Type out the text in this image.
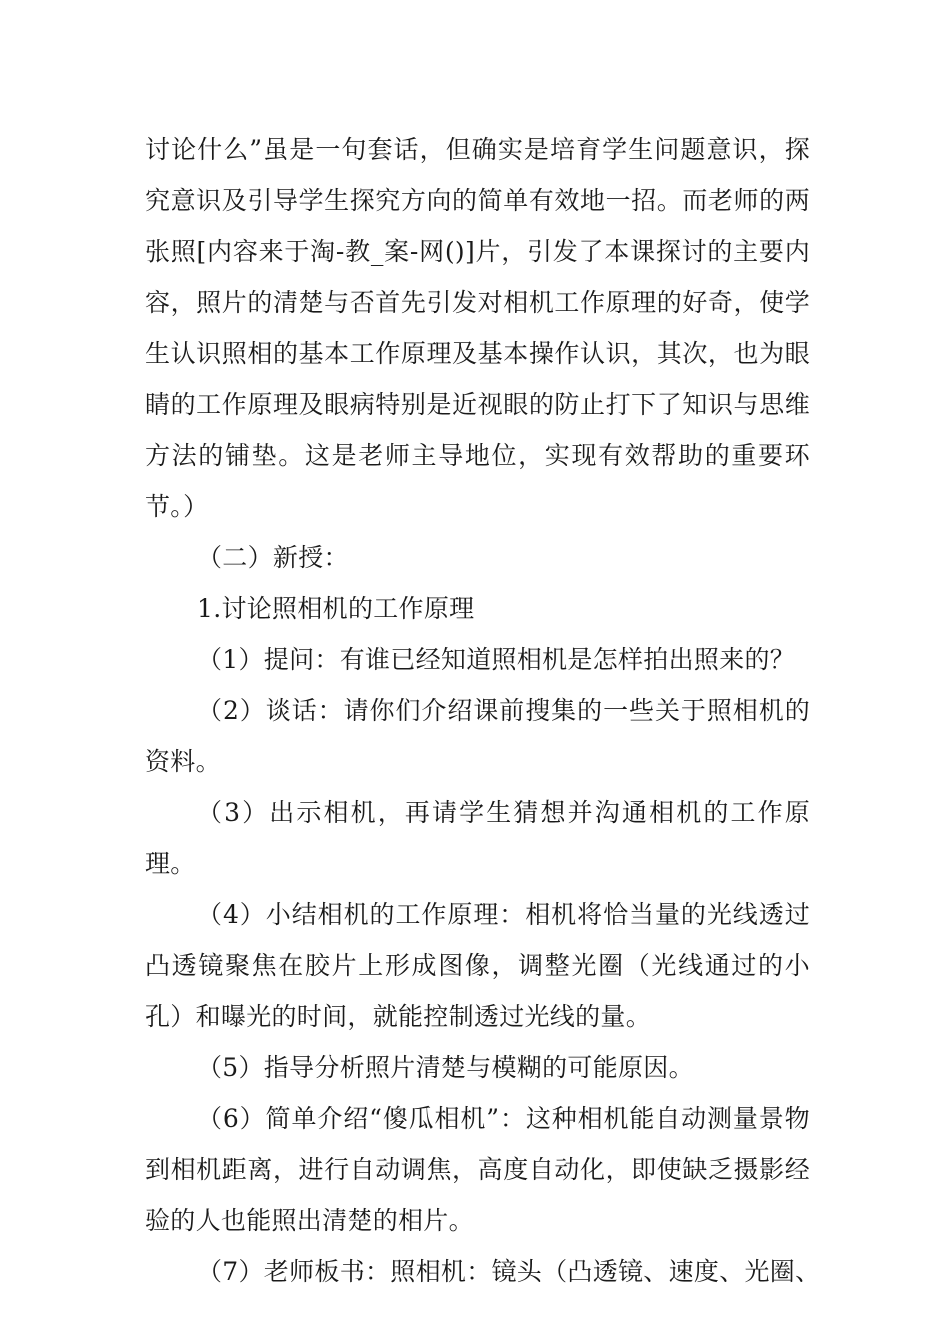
讨论什么”虽是一句套话，但确实是培育学生问题意识，探究意识及引导学生探究方向的简单有效地一招。而老师的两张照[内容来于淘-教_案-网()]片，引发了本课探讨的主要内容，照片的清楚与否首先引发对相机工作原理的好奇，使学生认识照相的基本工作原理及基本操作认识，其次，也为眼睛的工作原理及眼病特别是近视眼的防止打下了知识与思维方法的铺垫。这是老师主导地位，实现有效帮助的重要环节。）

（二）新授：

1.讨论照相机的工作原理

（1）提问：有谁已经知道照相机是怎样拍出照来的？

（2）谈话：请你们介绍课前搜集的一些关于照相机的资料。

（3）出示相机，再请学生猜想并沟通相机的工作原理。

（4）小结相机的工作原理：相机将恰当量的光线透过凸透镜聚焦在胶片上形成图像，调整光圈（光线通过的小孔）和曝光的时间，就能控制透过光线的量。

（5）指导分析照片清楚与模糊的可能原因。

（6）简单介绍“傻瓜相机”：这种相机能自动测量景物到相机距离，进行自动调焦，高度自动化，即使缺乏摄影经验的人也能照出清楚的相片。

（7）老师板书：照相机：镜头（凸透镜、速度、光圈、
